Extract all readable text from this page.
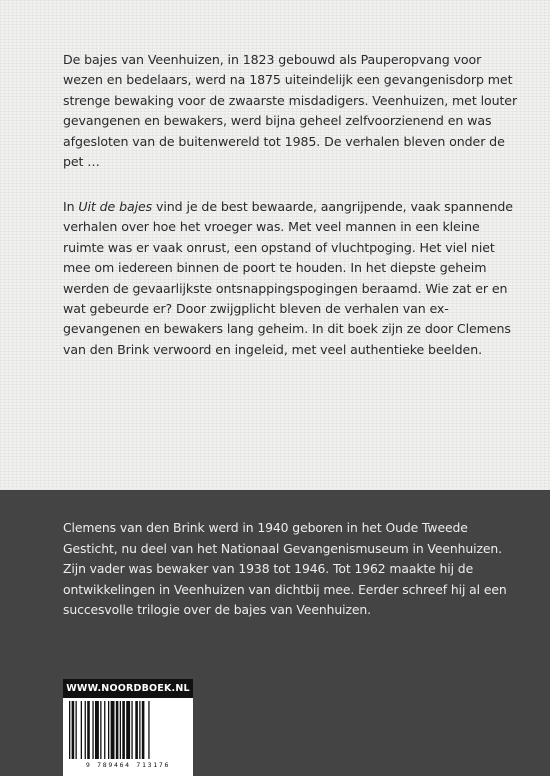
De bajes van Veenhuizen, in 1823 gebouwd als Pauperopvang voor wezen en bedelaars, werd na 1875 uiteindelijk een gevangenisdorp met strenge bewaking voor de zwaarste misdadigers. Veenhuizen, met louter gevangenen en bewakers, werd bijna geheel zelfvoorzienend en was afgesloten van de buitenwereld tot 1985. De verhalen bleven onder de pet …

In Uit de bajes vind je de best bewaarde, aangrijpende, vaak spannende verhalen over hoe het vroeger was. Met veel mannen in een kleine ruimte was er vaak onrust, een opstand of vluchtpoging. Het viel niet mee om iedereen binnen de poort te houden. In het diepste geheim werden de gevaarlijkste ontsnappingspogingen beraamd. Wie zat er en wat gebeurde er? Door zwijgplicht bleven de verhalen van ex-gevangenen en bewakers lang geheim. In dit boek zijn ze door Clemens van den Brink verwoord en ingeleid, met veel authentieke beelden.

Clemens van den Brink werd in 1940 geboren in het Oude Tweede Gesticht, nu deel van het Nationaal Gevangenismuseum in Veenhuizen. Zijn vader was bewaker van 1938 tot 1946. Tot 1962 maakte hij de ontwikkelingen in Veenhuizen van dichtbij mee. Eerder schreef hij al een succesvolle trilogie over de bajes van Veenhuizen.

WWW.NOORDBOEK.NL
9 789464 713176
